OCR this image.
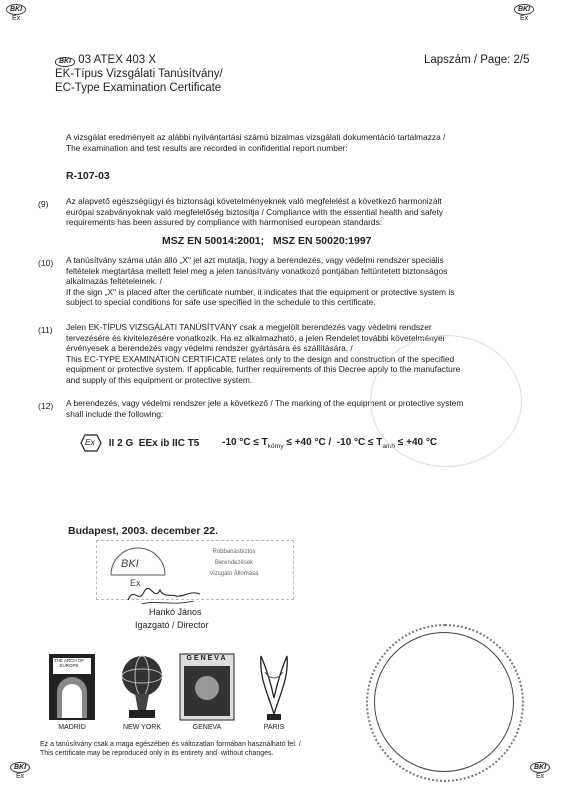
BKI
Ex
BKI
Ex
BKI
Ex
BKI
Ex
BKI 03 ATEX 403 X
EK-Típus Vizsgálati Tanúsítvány/
EC-Type Examination Certificate
Lapszám / Page: 2/5
A vizsgálat eredményeit az alábbi nyilvántartási számú bizalmas vizsgálati dokumentáció tartalmazza /
The examination and test results are recorded in confidential report number:
R-107-03
(9) Az alapvető egészségügyi és biztonsági követelményeknek való megfelelést a következő harmonizált
európai szabványoknak való megfelelőség biztosítja / Compliance with the essential health and safety
requirements has been assured by compliance with harmonised european standards:
MSZ EN 50014:2001;   MSZ EN 50020:1997
(10) A tanúsítvány száma után álló „X" jel azt mutatja, hogy a berendezés, vagy védelmi rendszer speciális
feltételek megtartása mellett felel meg a jelen tanúsítvány vonatkozó pontjában feltüntetett biztonságos
alkalmazás feltételeinek. /
If the sign „X" is placed after the certificate number, it indicates that the equipment or protective system is
subject to special conditions for safe use specified in the schedule to this certificate.
(11) Jelen EK-TÍPUS VIZSGÁLATI TANÚSÍTVÁNY csak a megjelölt berendezés vagy védelmi rendszer
tervezésére és kivitelezésére vonatkozik. Ha ez alkalmazható, a jelen Rendelet további követelményei
érvényesek a berendezés vagy védelmi rendszer gyártására és szállítására. /
This EC-TYPE EXAMINATION CERTIFICATE relates only to the design and construction of the specified
equipment or protective system. If applicable, further requirements of this Decree apply to the manufacture
and supply of this equipment or protective system.
(12) A berendezés, vagy védelmi rendszer jele a következő / The marking of the equipment or protective system
shall include the following:
Ex II 2 G  EEx ib IIC T5 -10 $^\circ C \le T_{körny} \le +40$ °C /  -10 $^\circ C \le T_{amb} \le +40$ °C
Budapest, 2003. december 22.
BKI
Ex
Robbanásbiztos
Berendezések
Vizsgáló Állomása
Hankó János
Igazgató / Director
THE ARCH OF EUROPE
MADRID	NEW YORK
GENEVA
GENEVA	PARIS
Ez a tanúsítvány csak a maga egészében és változatlan formában használható fel. /
This certificate may be reproduced only in its entirety and  without changes.
